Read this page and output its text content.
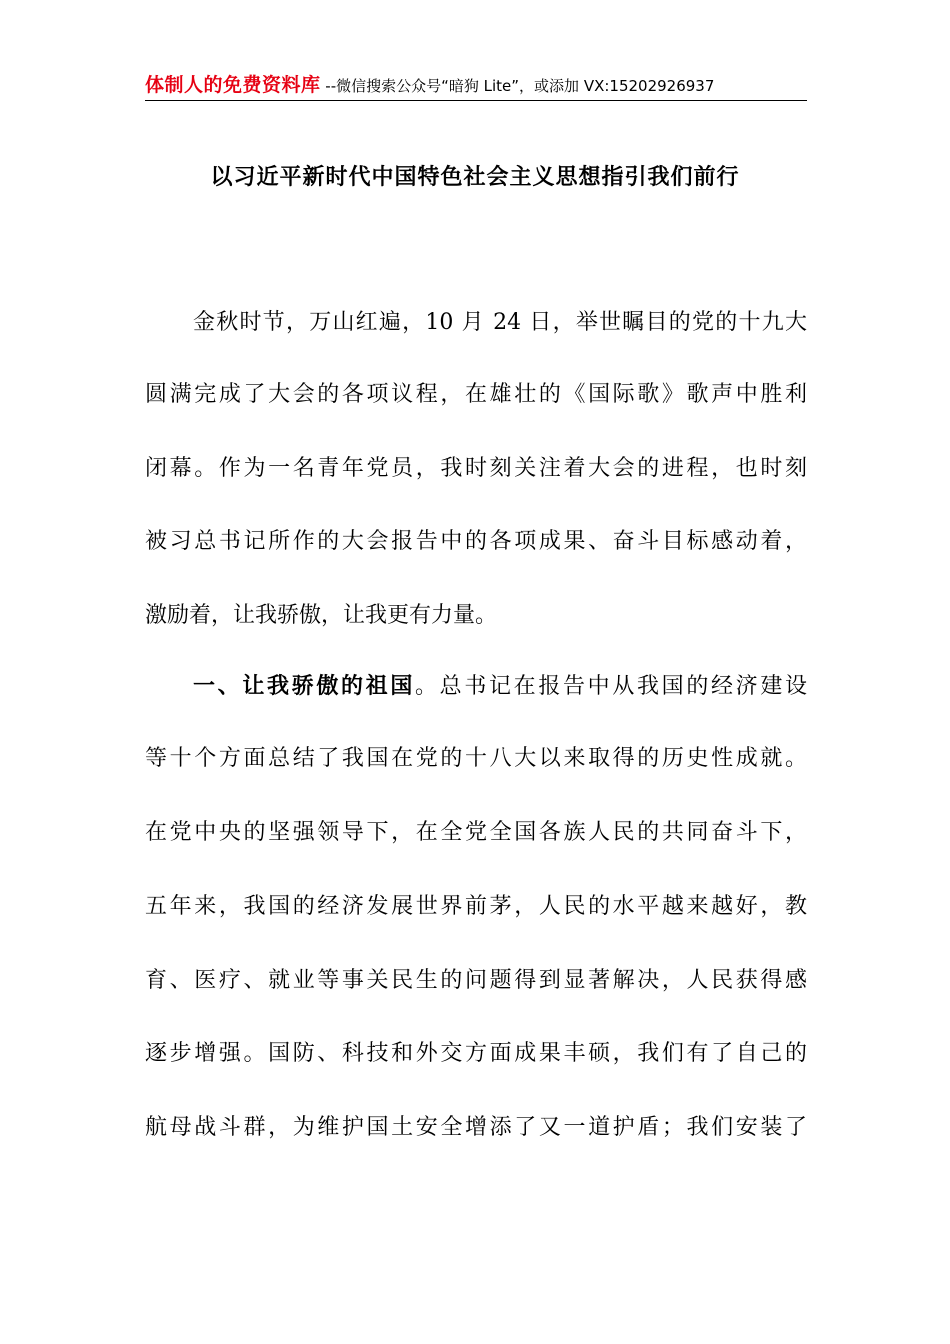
体制人的免费资料库 --微信搜索公众号“暗狗 Lite”，或添加 VX:15202926937
以习近平新时代中国特色社会主义思想指引我们前行
金秋时节，万山红遍，10 月 24 日，举世瞩目的党的十九大
圆满完成了大会的各项议程，在雄壮的《国际歌》歌声中胜利
闭幕。作为一名青年党员，我时刻关注着大会的进程，也时刻
被习总书记所作的大会报告中的各项成果、奋斗目标感动着，
激励着，让我骄傲，让我更有力量。
一、让我骄傲的祖国。总书记在报告中从我国的经济建设
等十个方面总结了我国在党的十八大以来取得的历史性成就。
在党中央的坚强领导下，在全党全国各族人民的共同奋斗下，
五年来，我国的经济发展世界前茅，人民的水平越来越好，教
育、医疗、就业等事关民生的问题得到显著解决，人民获得感
逐步增强。国防、科技和外交方面成果丰硕，我们有了自己的
航母战斗群，为维护国土安全增添了又一道护盾；我们安装了
